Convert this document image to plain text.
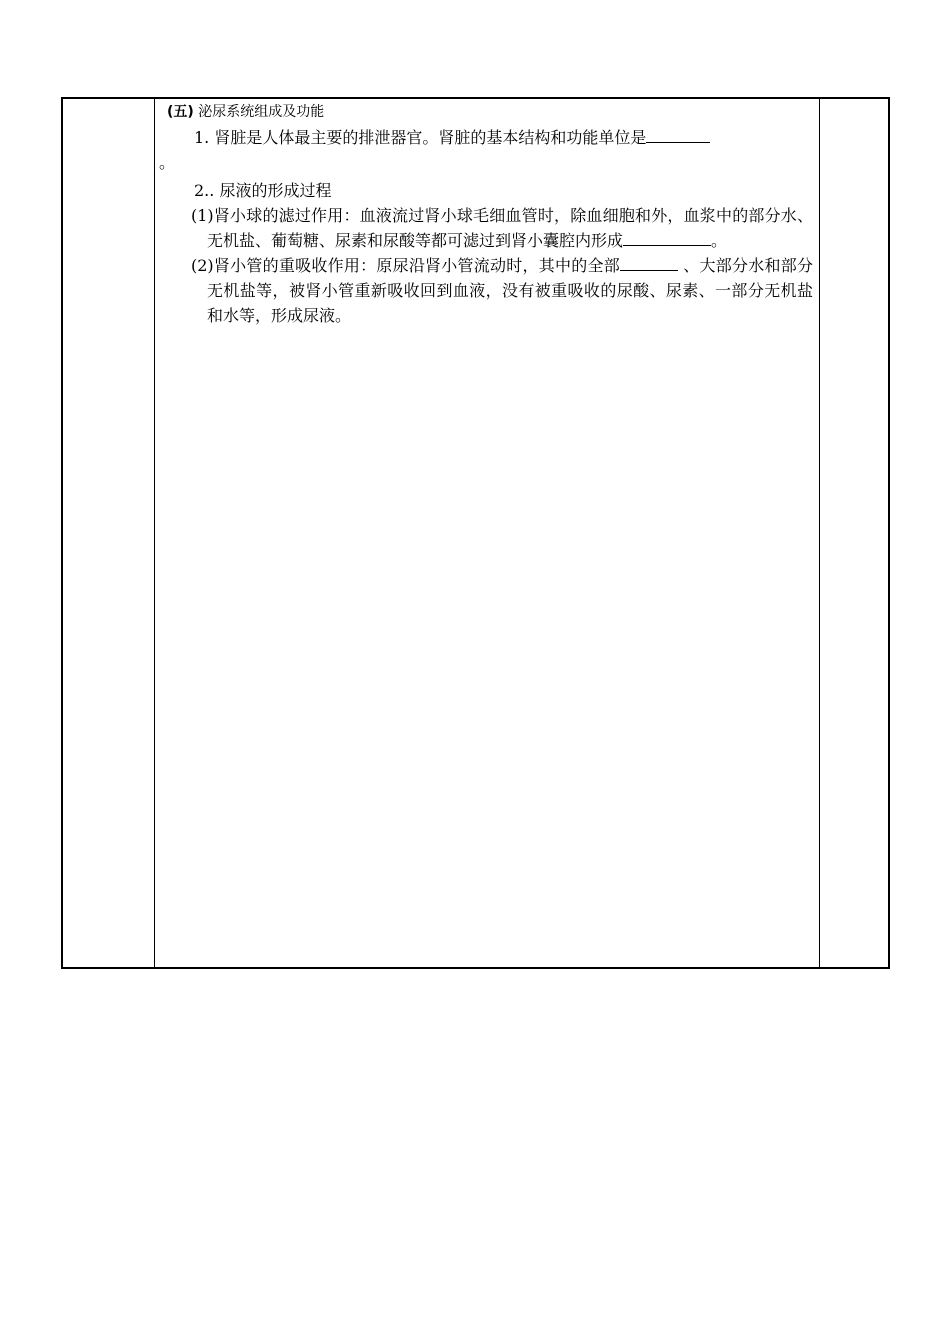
(五) 泌尿系统组成及功能

1. 肾脏是人体最主要的排泄器官。肾脏的基本结构和功能单位是
。

2.. 尿液的形成过程

(1)肾小球的滤过作用：血液流过肾小球毛细血管时，除血细胞和外，血浆中的部分水、无机盐、葡萄糖、尿素和尿酸等都可滤过到肾小囊腔内形成	。

(2)肾小管的重吸收作用：原尿沿肾小管流动时，其中的全部	、大部分水和部分无机盐等，被肾小管重新吸收回到血液，没有被重吸收的尿酸、尿素、一部分无机盐和水等，形成尿液。
